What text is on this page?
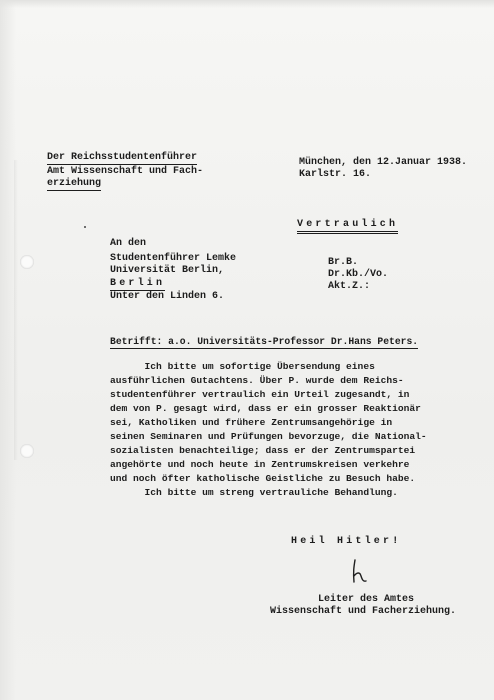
Der Reichsstudentenführer
Amt Wissenschaft und Fach-
erziehung
München, den 12.Januar 1938.
Karlstr. 16.
Vertraulich
An den
Studentenführer Lemke
Universität Berlin,
Berlin
Unter den Linden 6.
Br.B.
Dr.Kb./Vo.
Akt.Z.:
Betrifft: a.o. Universitäts-Professor Dr.Hans Peters.
Ich bitte um sofortige Übersendung eines
ausführlichen Gutachtens. Über P. wurde dem Reichs-
studentenführer vertraulich ein Urteil zugesandt, in
dem von P. gesagt wird, dass er ein grosser Reaktionär
sei, Katholiken und frühere Zentrumsangehörige in
seinen Seminaren und Prüfungen bevorzuge, die National-
sozialisten benachteilige; dass er der Zentrumspartei
angehörte und noch heute in Zentrumskreisen verkehre
und noch öfter katholische Geistliche zu Besuch habe.
Ich bitte um streng vertrauliche Behandlung.
Heil Hitler!
Leiter des Amtes
Wissenschaft und Facherziehung.
